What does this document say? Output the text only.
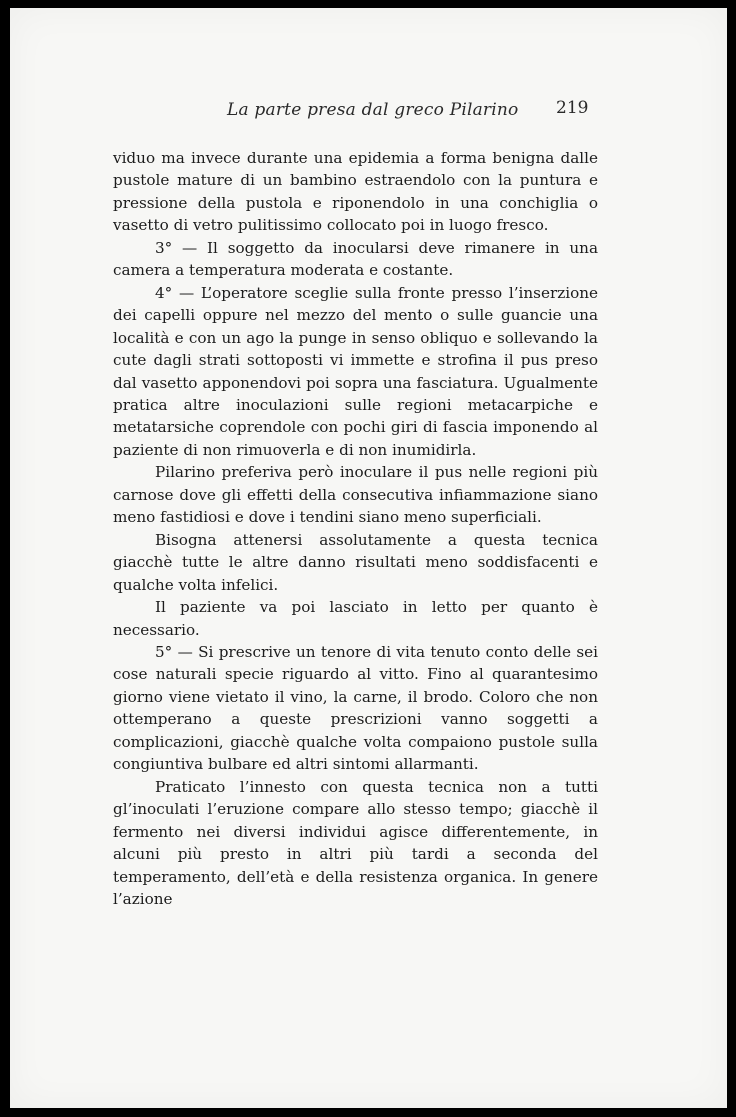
La parte presa dal greco Pilarino 219

viduo ma invece durante una epidemia a forma benigna dalle pustole mature di un bambino estraendolo con la puntura e pressione della pustola e riponendolo in una conchiglia o vasetto di vetro pulitissimo collocato poi in luogo fresco.

3° — Il soggetto da inocularsi deve rimanere in una camera a temperatura moderata e costante.

4° — L’operatore sceglie sulla fronte presso l’inserzione dei capelli oppure nel mezzo del mento o sulle guancie una località e con un ago la punge in senso obliquo e sollevando la cute dagli strati sottoposti vi immette e strofina il pus preso dal vasetto apponendovi poi sopra una fasciatura. Ugualmente pratica altre inoculazioni sulle regioni metacarpiche e metatarsiche coprendole con pochi giri di fascia imponendo al paziente di non rimuoverla e di non inumidirla.

Pilarino preferiva però inoculare il pus nelle regioni più carnose dove gli effetti della consecutiva infiammazione siano meno fastidiosi e dove i tendini siano meno superficiali.

Bisogna attenersi assolutamente a questa tecnica giacchè tutte le altre danno risultati meno soddisfacenti e qualche volta infelici.

Il paziente va poi lasciato in letto per quanto è necessario.

5° — Si prescrive un tenore di vita tenuto conto delle sei cose naturali specie riguardo al vitto. Fino al quarantesimo giorno viene vietato il vino, la carne, il brodo. Coloro che non ottemperano a queste prescrizioni vanno soggetti a complicazioni, giacchè qualche volta compaiono pustole sulla congiuntiva bulbare ed altri sintomi allarmanti.

Praticato l’innesto con questa tecnica non a tutti gl’inoculati l’eruzione compare allo stesso tempo; giacchè il fermento nei diversi individui agisce differentemente, in alcuni più presto in altri più tardi a seconda del temperamento, dell’età e della resistenza organica. In genere l’azione
